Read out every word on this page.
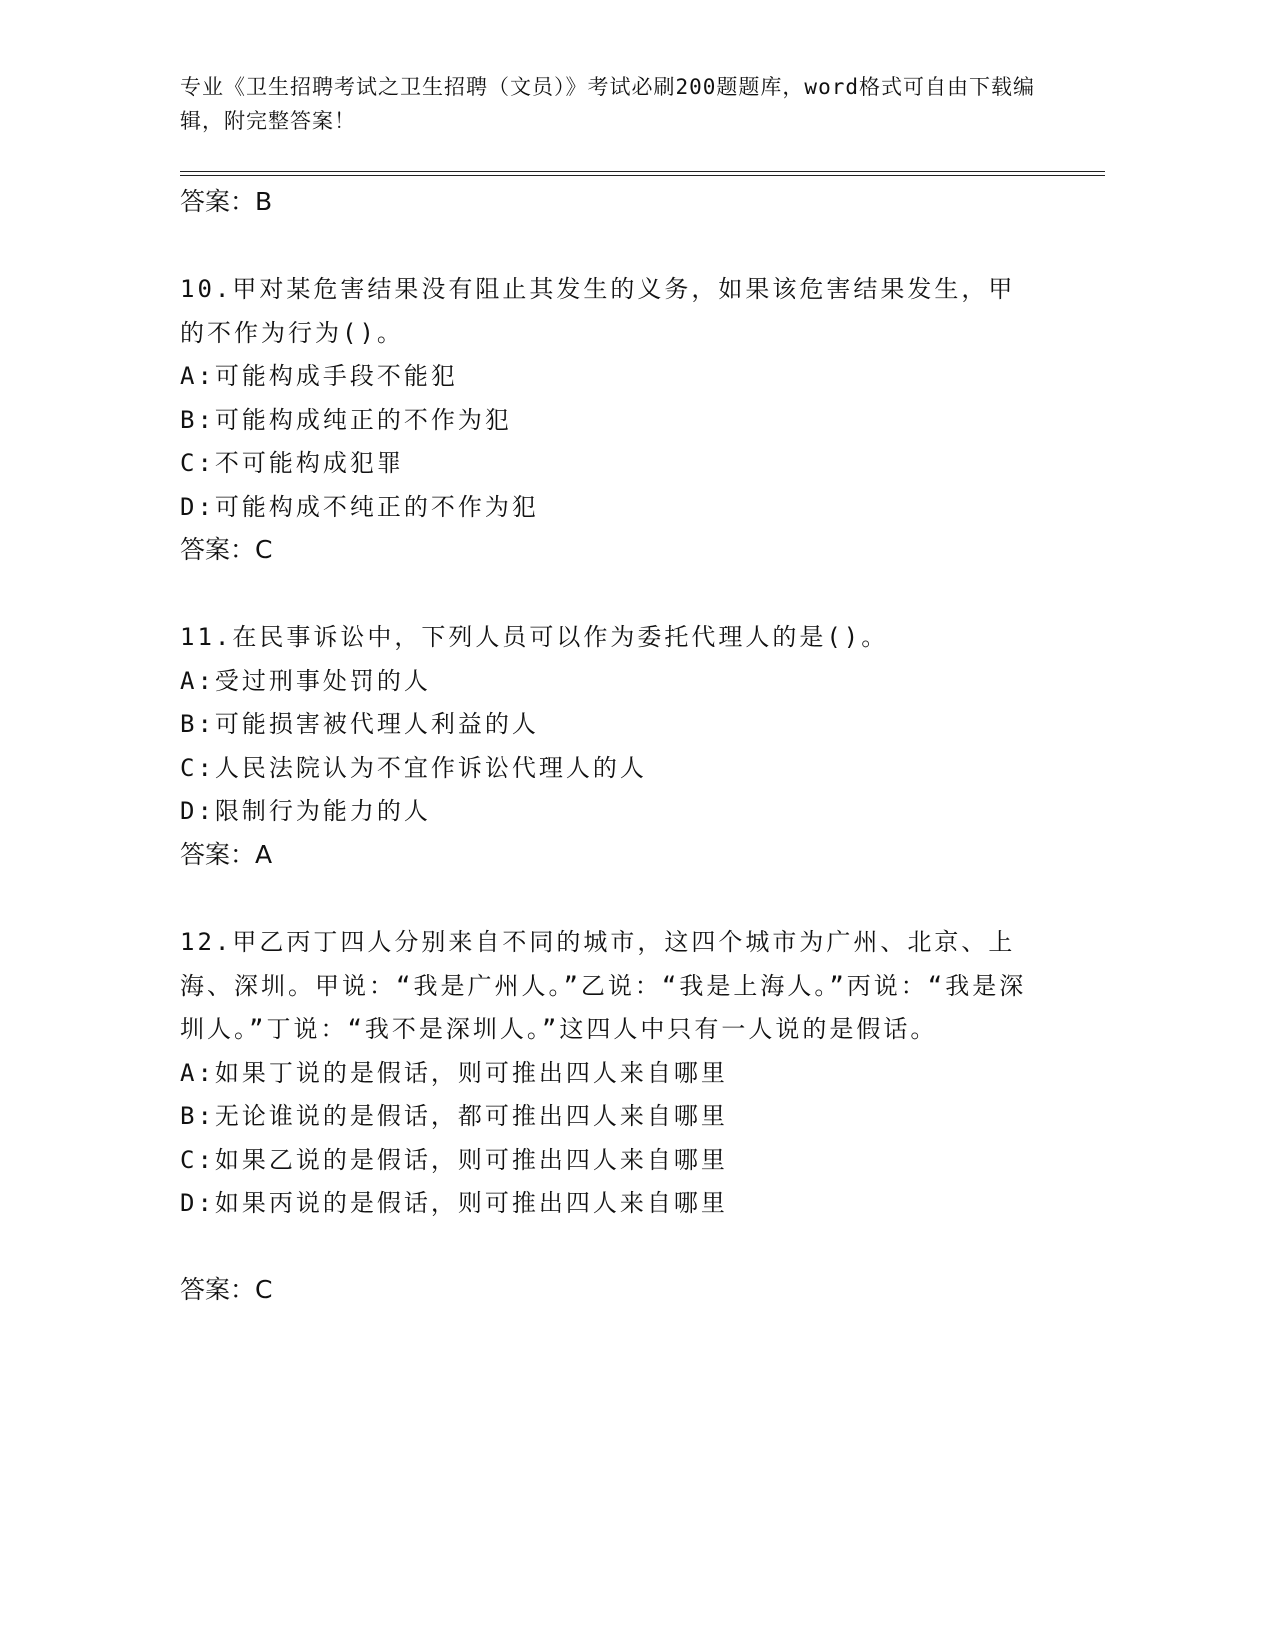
专业《卫生招聘考试之卫生招聘（文员）》考试必刷200题题库，word格式可自由下载编辑，附完整答案！
答案：B
10.甲对某危害结果没有阻止其发生的义务，如果该危害结果发生，甲的不作为行为()。
A:可能构成手段不能犯
B:可能构成纯正的不作为犯
C:不可能构成犯罪
D:可能构成不纯正的不作为犯
答案：C
11.在民事诉讼中，下列人员可以作为委托代理人的是()。
A:受过刑事处罚的人
B:可能损害被代理人利益的人
C:人民法院认为不宜作诉讼代理人的人
D:限制行为能力的人
答案：A
12.甲乙丙丁四人分别来自不同的城市，这四个城市为广州、北京、上海、深圳。甲说：“我是广州人。”乙说：“我是上海人。”丙说：“我是深圳人。”丁说：“我不是深圳人。”这四人中只有一人说的是假话。
A:如果丁说的是假话，则可推出四人来自哪里
B:无论谁说的是假话，都可推出四人来自哪里
C:如果乙说的是假话，则可推出四人来自哪里
D:如果丙说的是假话，则可推出四人来自哪里
答案：C
